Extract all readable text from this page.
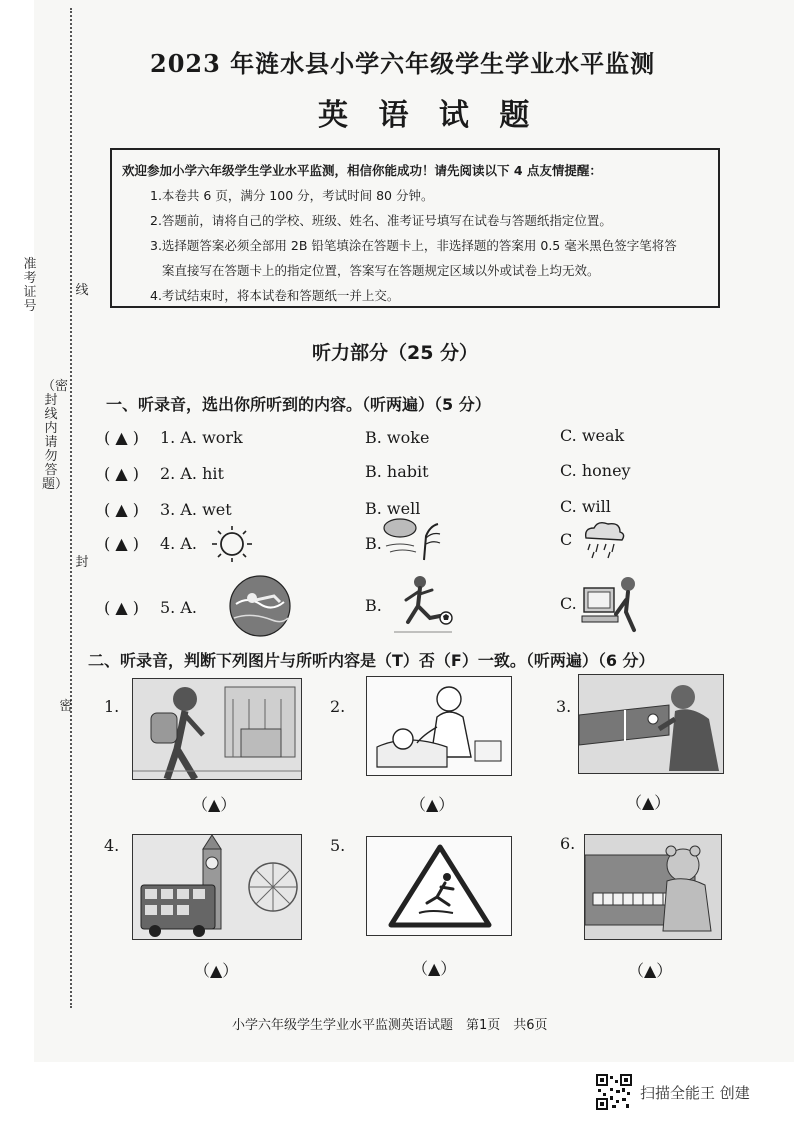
线
封
密
（密 封 线 内 请 勿 答 题）
准考证号
2023 年涟水县小学六年级学生学业水平监测
英 语 试 题
欢迎参加小学六年级学生学业水平监测，相信你能成功！请先阅读以下 4 点友情提醒：
1.本卷共 6 页，满分 100 分，考试时间 80 分钟。
2.答题前，请将自己的学校、班级、姓名、准考证号填写在试卷与答题纸指定位置。
3.选择题答案必须全部用 2B 铅笔填涂在答题卡上，非选择题的答案用 0.5 毫米黑色签字笔将答
案直接写在答题卡上的指定位置，答案写在答题规定区域以外或试卷上均无效。
4.考试结束时，将本试卷和答题纸一并上交。
听力部分（25 分）
一、听录音，选出你所听到的内容。（听两遍）（5 分）
( ▲ ) 1. A. work	B. woke	C. weak
( ▲ ) 2. A. hit	B. habit	C. honey
( ▲ ) 3. A. wet	B. well	C. will
( ▲ ) 4. A.	B.	C
( ▲ ) 5. A.	B.	C.
二、听录音，判断下列图片与所听内容是（T）否（F）一致。（听两遍）（6 分）
1.
（▲）
2.
（▲）
3.
（▲）
4.
（▲）
5.
（▲）
6.
（▲）
小学六年级学生学业水平监测英语试题　第1页　共6页
扫描全能王 创建
